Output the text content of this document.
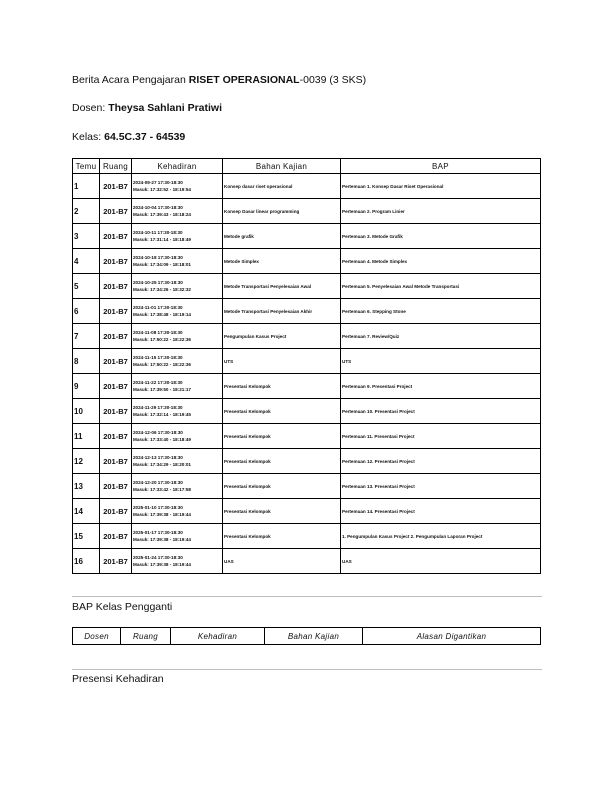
Berita Acara Pengajaran RISET OPERASIONAL-0039 (3 SKS)
Dosen: Theysa Sahlani Pratiwi
Kelas: 64.5C.37 - 64539
Temu	Ruang	Kehadiran	Bahan Kajian	BAP
1	201-B7	2024-09-27 17:30-18:30
Masuk: 17:32:52 - 18:19:54	Konsep dasar riset operasional	Pertemuan 1. Konsep Dasar Riset Operasional
2	201-B7	2024-10-04 17:30-18:30
Masuk: 17:39:43 - 18:18:24	Konsep Dasar linear programming	Pertemuan 2. Program Linier
3	201-B7	2024-10-11 17:30-18:30
Masuk: 17:31:14 - 18:18:49	Metode grafik	Pertemuan 3. Metode Grafik
4	201-B7	2024-10-18 17:30-18:30
Masuk: 17:34:09 - 18:18:01	Metode Simplex	Pertemuan 4. Metode Simplex
5	201-B7	2024-10-25 17:30-18:30
Masuk: 17:34:26 - 18:32:32	Metode Transportasi Penyelesaian Awal	Pertemuan 5. Penyelesaian Awal Metode Transportasi
6	201-B7	2024-11-01 17:30-18:30
Masuk: 17:38:48 - 18:19:14	Metode Transportasi Penyelesaian Akhir	Pertemuan 6. Stepping Stone
7	201-B7	2024-11-08 17:30-18:30
Masuk: 17:50:22 - 18:22:36	Pengumpulan Kasus Project	Pertemuan 7. Review/Quiz
8	201-B7	2024-11-15 17:30-18:30
Masuk: 17:50:22 - 18:22:36	UTS	UTS
9	201-B7	2024-11-22 17:30-18:30
Masuk: 17:39:50 - 18:21:17	Presentasi Kelompok	Pertemuan 9. Presentasi Project
10	201-B7	2024-11-29 17:30-18:30
Masuk: 17:32:14 - 18:19:45	Presentasi Kelompok	Pertemuan 10. Presentasi Project
11	201-B7	2024-12-06 17:30-18:30
Masuk: 17:33:40 - 18:18:49	Presentasi Kelompok	Pertemuan 11. Presentasi Project
12	201-B7	2024-12-13 17:30-18:30
Masuk: 17:34:29 - 18:20:01	Presentasi Kelompok	Pertemuan 12. Presentasi Project
13	201-B7	2024-12-20 17:30-18:30
Masuk: 17:33:42 - 18:17:58	Presentasi Kelompok	Pertemuan 13. Presentasi Project
14	201-B7	2025-01-10 17:30-18:30
Masuk: 17:39:38 - 18:19:44	Presentasi Kelompok	Pertemuan 14. Presentasi Project
15	201-B7	2025-01-17 17:30-18:30
Masuk: 17:39:38 - 18:19:44	Presentasi Kelompok	1. Pengumpulan Kasus Project 2. Pengumpulan Laporan Project
16	201-B7	2025-01-24 17:30-18:30
Masuk: 17:39:38 - 18:19:44	UAS	UAS
BAP Kelas Pengganti
Dosen	Ruang	Kehadiran	Bahan Kajian	Alasan Digantikan
Presensi Kehadiran
